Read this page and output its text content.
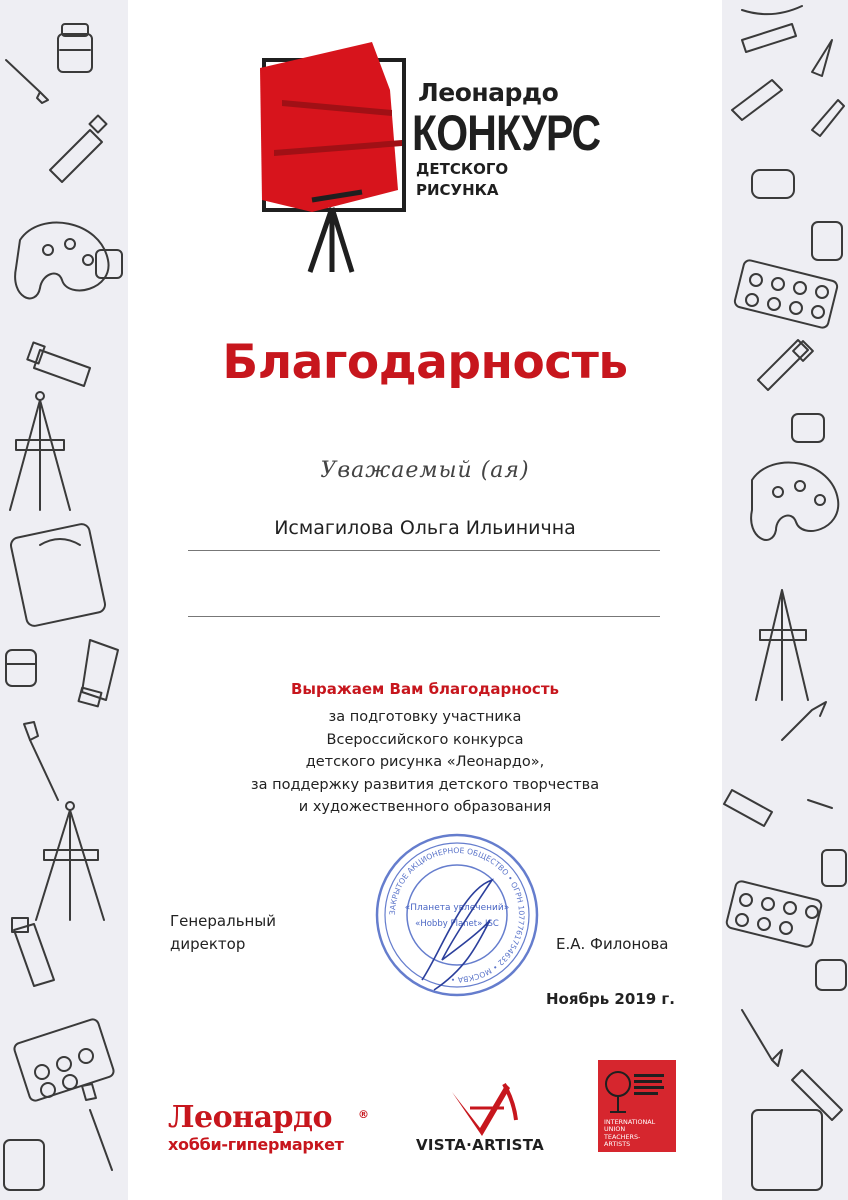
Леонардо
КОНКУРС
ДЕТСКОГО
РИСУНКА
Благодарность
Уважаемый (ая)
Исмагилова Ольга Ильинична
Выражаем Вам благодарность
за подготовку участника
Всероссийского конкурса
детского рисунка «Леонардо»,
за поддержку развития детского творчества
и художественного образования
ЗАКРЫТОЕ АКЦИОНЕРНОЕ ОБЩЕСТВО • ОГРН 1077761754632 • МОСКВА •
«Планета увлечений»
«Hobby Planet» JSC
Генеральный
директор	Е.А. Филонова
Ноябрь 2019 г.
Леонардо ®
хобби-гипермаркет	VISTA·ARTISTA
INTERNATIONAL
UNION
TEACHERS-
ARTISTS
